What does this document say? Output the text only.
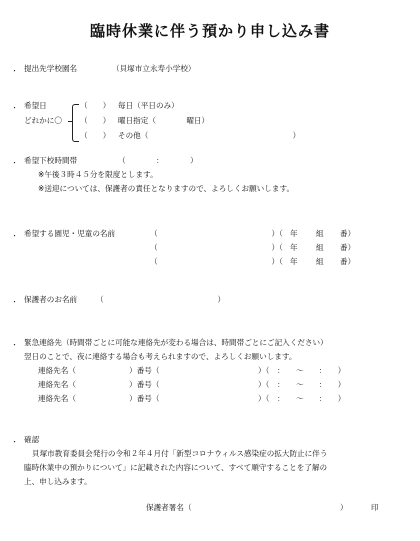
臨時休業に伴う預かり申し込み書
・ 提出先学校園名	（貝塚市立永寿小学校）
・ 希望日
どれかに〇
（　　） 毎日（平日のみ）
（　　） 曜日指定（　　　　曜日）
（　　） その他（　　　　　　　　　　　　　　　　　　　）
・ 希望下校時間帯	（　　　　：　　　　）
※午後３時４５分を限度とします。
※送迎については、保護者の責任となりますので、よろしくお願いします。
・ 希望する園児・児童の名前	（　　　　　　　　　　　　　　　）（ 年 組 番）
（　　　　　　　　　　　　　　　）（ 年 組 番）
（　　　　　　　　　　　　　　　）（ 年 組 番）
・ 保護者のお名前 （　　　　　　　　　　　　　　　）
・ 緊急連絡先（時間帯ごとに可能な連絡先が変わる場合は、時間帯ごとにご記入ください）
翌日のことで、夜に連絡する場合も考えられますので、よろしくお願いします。
連絡先名（　　　　　　　）番号（	）（　：　　〜　　：　　）
連絡先名（　　　　　　　）番号（	）（　：　　〜　　：　　）
連絡先名（　　　　　　　）番号（	）（　：　　〜　　：　　）
・ 確認
貝塚市教育委員会発行の令和２年４月付「新型コロナウィルス感染症の拡大防止に伴う
臨時休業中の預かりについて」に記載された内容について、すべて順守することを了解の
上、申し込みます。
保護者署名（	）	印
